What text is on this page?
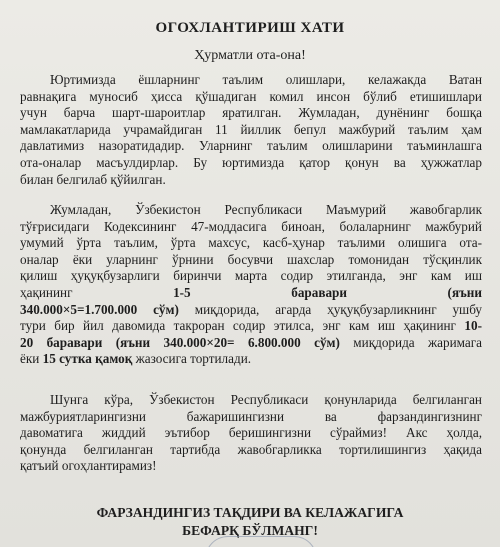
ОГОХЛАНТИРИШ ХАТИ
Ҳурматли ота-она!
Юртимизда ёшларнинг таълим олишлари, келажакда Ватан
равнақига муносиб ҳисса қўшадиган комил инсон бўлиб етишишлари
учун барча шарт-шароитлар яратилган. Жумладан, дунёнинг бошқа
мамлакатларида учрамайдиган 11 йиллик бепул мажбурий таълим ҳам
давлатимиз назоратидадир. Уларнинг таълим олишларини таъминлашга
ота-оналар масъулдирлар. Бу юртимизда қатор қонун ва ҳужжатлар
билан белгилаб қўйилган.
Жумладан, Ўзбекистон Республикаси Маъмурий жавобгарлик
тўғрисидаги Кодексининг 47-моддасига биноан, болаларнинг мажбурий
умумий ўрта таълим, ўрта махсус, касб-ҳунар таълими олишига ота-
оналар ёки уларнинг ўрнини босувчи шахслар томонидан тўсқинлик
қилиш ҳуқуқбузарлиги биринчи марта содир этилганда, энг кам иш
ҳақининг	1-5	баравари	(яъни
340.000×5=1.700.000 сўм) миқдорида, агарда ҳуқуқбузарликнинг ушбу
тури бир йил давомида такроран содир этилса, энг кам иш ҳақининг 10-
20 баравари (яъни 340.000×20= 6.800.000 сўм) миқдорида жаримага
ёки 15 сутка қамоқ жазосига тортилади.
Шунга кўра, Ўзбекистон Республикаси қонунларида белгиланган
мажбуриятларингизни бажаришингизни ва фарзандингизнинг
давоматига жиддий эътибор беришингизни сўраймиз! Акс ҳолда,
қонунда белгиланган тартибда жавобгарликка тортилишингиз ҳақида
қатъий огоҳлантирамиз!
ФАРЗАНДИНГИЗ ТАҚДИРИ ВА КЕЛАЖАГИГА
БЕФАРҚ БЎЛМАНГ!
